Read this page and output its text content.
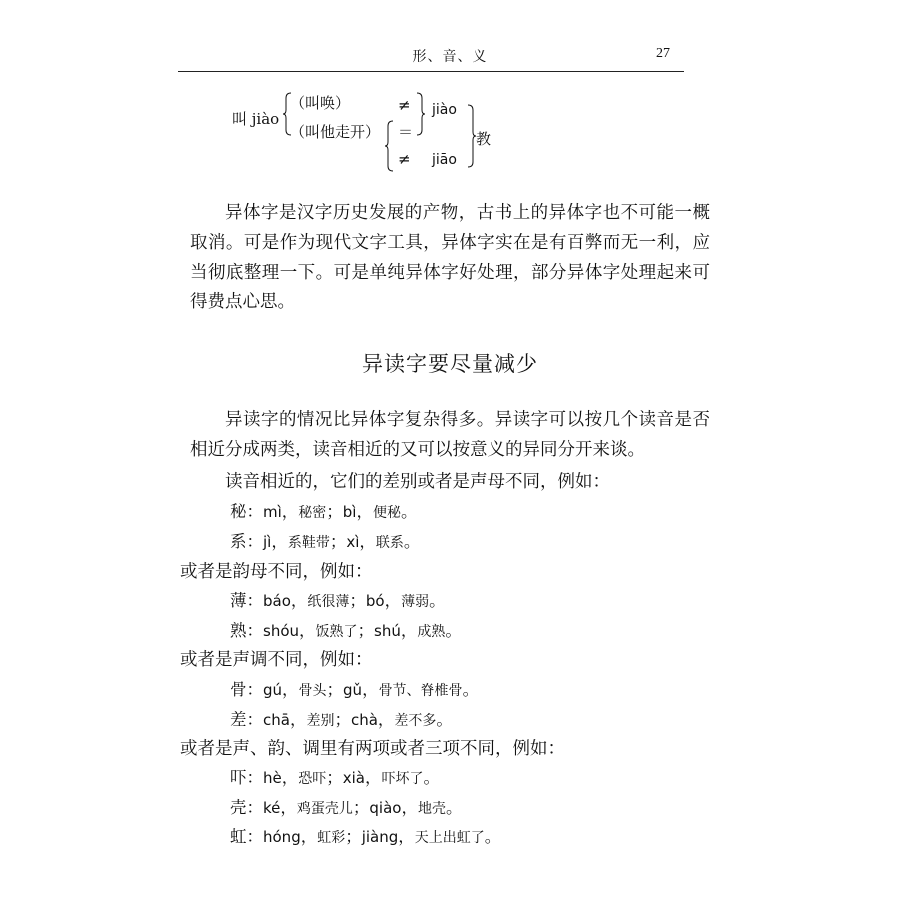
形、音、义	27
叫 jiào
（叫唤）
（叫他走开）
≠
＝
≠
jiào
jiāo
教

异体字是汉字历史发展的产物，古书上的异体字也不可能一概取消。可是作为现代文字工具，异体字实在是有百弊而无一利，应当彻底整理一下。可是单纯异体字好处理，部分异体字处理起来可得费点心思。

异读字要尽量减少

异读字的情况比异体字复杂得多。异读字可以按几个读音是否相近分成两类，读音相近的又可以按意义的异同分开来谈。

读音相近的，它们的差别或者是声母不同，例如：

秘：mì，秘密；bì，便秘。

系：jì，系鞋带；xì，联系。

或者是韵母不同，例如：

薄：báo，纸很薄；bó，薄弱。

熟：shóu，饭熟了；shú，成熟。

或者是声调不同，例如：

骨：gú，骨头；gǔ，骨节、脊椎骨。

差：chā，差别；chà，差不多。

或者是声、韵、调里有两项或者三项不同，例如：

吓：hè，恐吓；xià，吓坏了。

壳：ké，鸡蛋壳儿；qiào，地壳。

虹：hóng，虹彩；jiàng，天上出虹了。
